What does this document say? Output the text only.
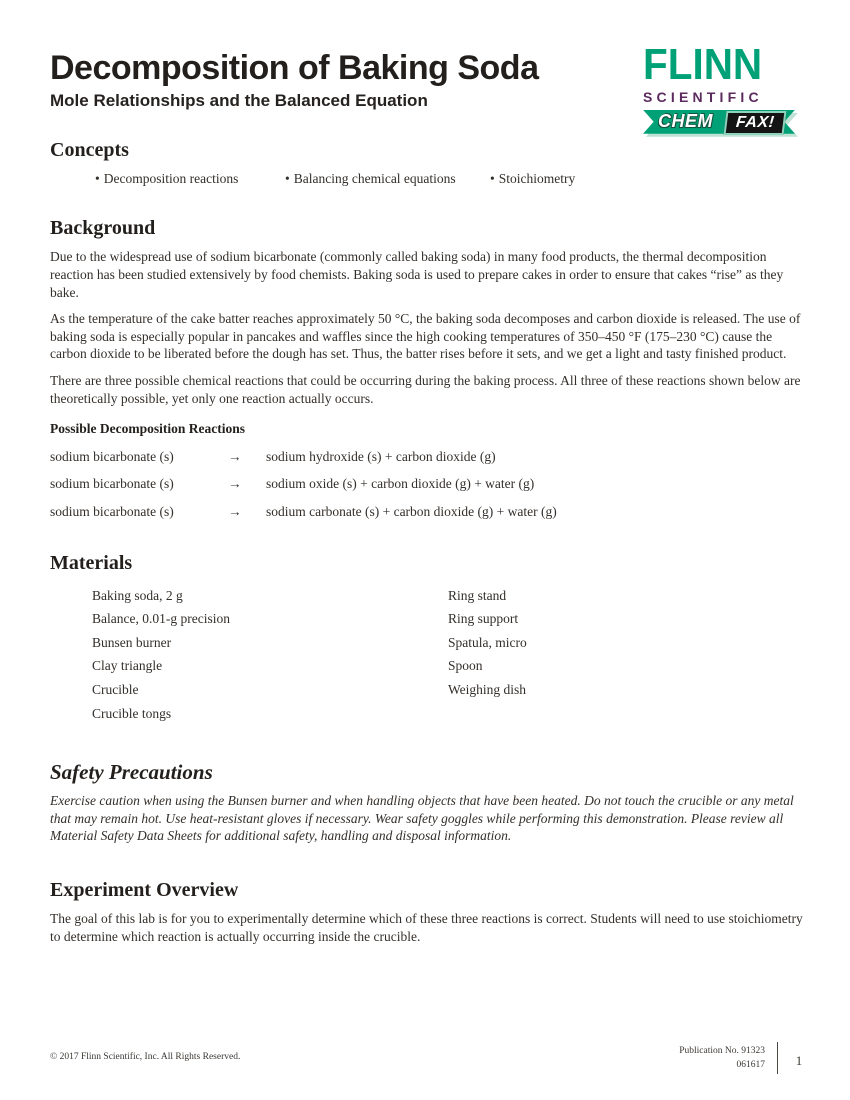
Decomposition of Baking Soda
Mole Relationships and the Balanced Equation
FLINN
SCIENTIFIC
CHEM FAX!
Concepts
• Decomposition reactions	• Balancing chemical equations	• Stoichiometry
Background

Due to the widespread use of sodium bicarbonate (commonly called baking soda) in many food products, the thermal decomposition reaction has been studied extensively by food chemists. Baking soda is used to prepare cakes in order to ensure that cakes “rise” as they bake.

As the temperature of the cake batter reaches approximately 50 °C, the baking soda decomposes and carbon dioxide is released. The use of baking soda is especially popular in pancakes and waffles since the high cooking temperatures of 350–450 °F (175–230 °C) cause the carbon dioxide to be liberated before the dough has set. Thus, the batter rises before it sets, and we get a light and tasty finished product.

There are three possible chemical reactions that could be occurring during the baking process. All three of these reactions shown below are theoretically possible, yet only one reaction actually occurs.

Possible Decomposition Reactions
sodium bicarbonate (s)	→	sodium hydroxide (s) + carbon dioxide (g)
sodium bicarbonate (s)	→	sodium oxide (s) + carbon dioxide (g) + water (g)
sodium bicarbonate (s)	→	sodium carbonate (s) + carbon dioxide (g) + water (g)
Materials
Baking soda, 2 g
Balance, 0.01-g precision
Bunsen burner
Clay triangle
Crucible
Crucible tongs
Ring stand
Ring support
Spatula, micro
Spoon
Weighing dish
Safety Precautions

Exercise caution when using the Bunsen burner and when handling objects that have been heated. Do not touch the crucible or any metal that may remain hot. Use heat-resistant gloves if necessary. Wear safety goggles while performing this demonstration. Please review all Material Safety Data Sheets for additional safety, handling and disposal information.

Experiment Overview

The goal of this lab is for you to experimentally determine which of these three reactions is correct. Students will need to use stoichiometry to determine which reaction is actually occurring inside the crucible.

© 2017 Flinn Scientific, Inc. All Rights Reserved.
Publication No. 91323
061617 1
